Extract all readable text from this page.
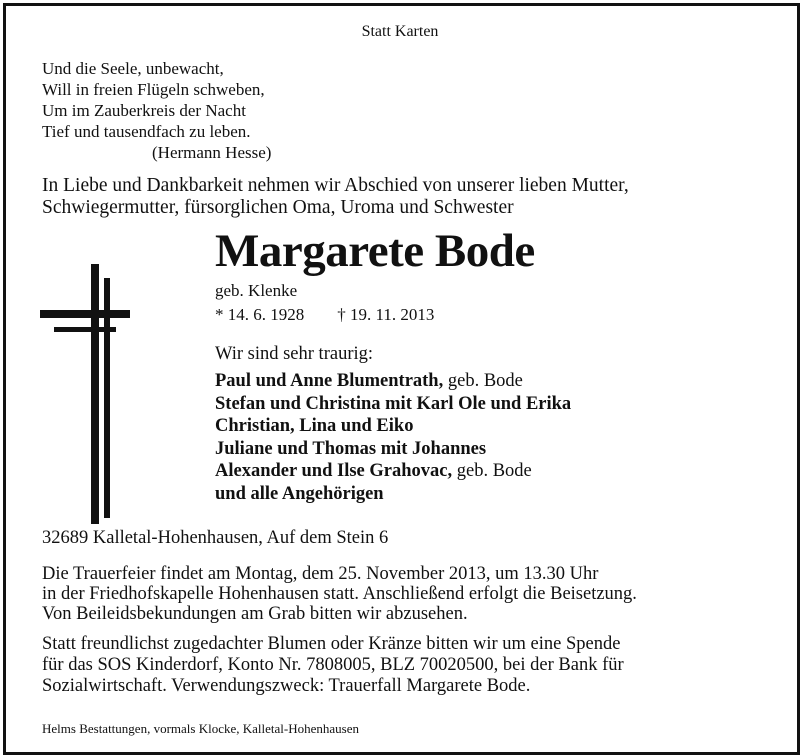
Statt Karten
Und die Seele, unbewacht,
Will in freien Flügeln schweben,
Um im Zauberkreis der Nacht
Tief und tausendfach zu leben.
(Hermann Hesse)
In Liebe und Dankbarkeit nehmen wir Abschied von unserer lieben Mutter,
Schwiegermutter, fürsorglichen Oma, Uroma und Schwester
Margarete Bode
geb. Klenke
* 14. 6. 1928 † 19. 11. 2013
Wir sind sehr traurig:
Paul und Anne Blumentrath, geb. Bode
Stefan und Christina mit Karl Ole und Erika
Christian, Lina und Eiko
Juliane und Thomas mit Johannes
Alexander und Ilse Grahovac, geb. Bode
und alle Angehörigen
32689 Kalletal-Hohenhausen, Auf dem Stein 6
Die Trauerfeier findet am Montag, dem 25. November 2013, um 13.30 Uhr
in der Friedhofskapelle Hohenhausen statt. Anschließend erfolgt die Beisetzung.
Von Beileidsbekundungen am Grab bitten wir abzusehen.
Statt freundlichst zugedachter Blumen oder Kränze bitten wir um eine Spende
für das SOS Kinderdorf, Konto Nr. 7808005, BLZ 70020500, bei der Bank für
Sozialwirtschaft. Verwendungszweck: Trauerfall Margarete Bode.
Helms Bestattungen, vormals Klocke, Kalletal-Hohenhausen
